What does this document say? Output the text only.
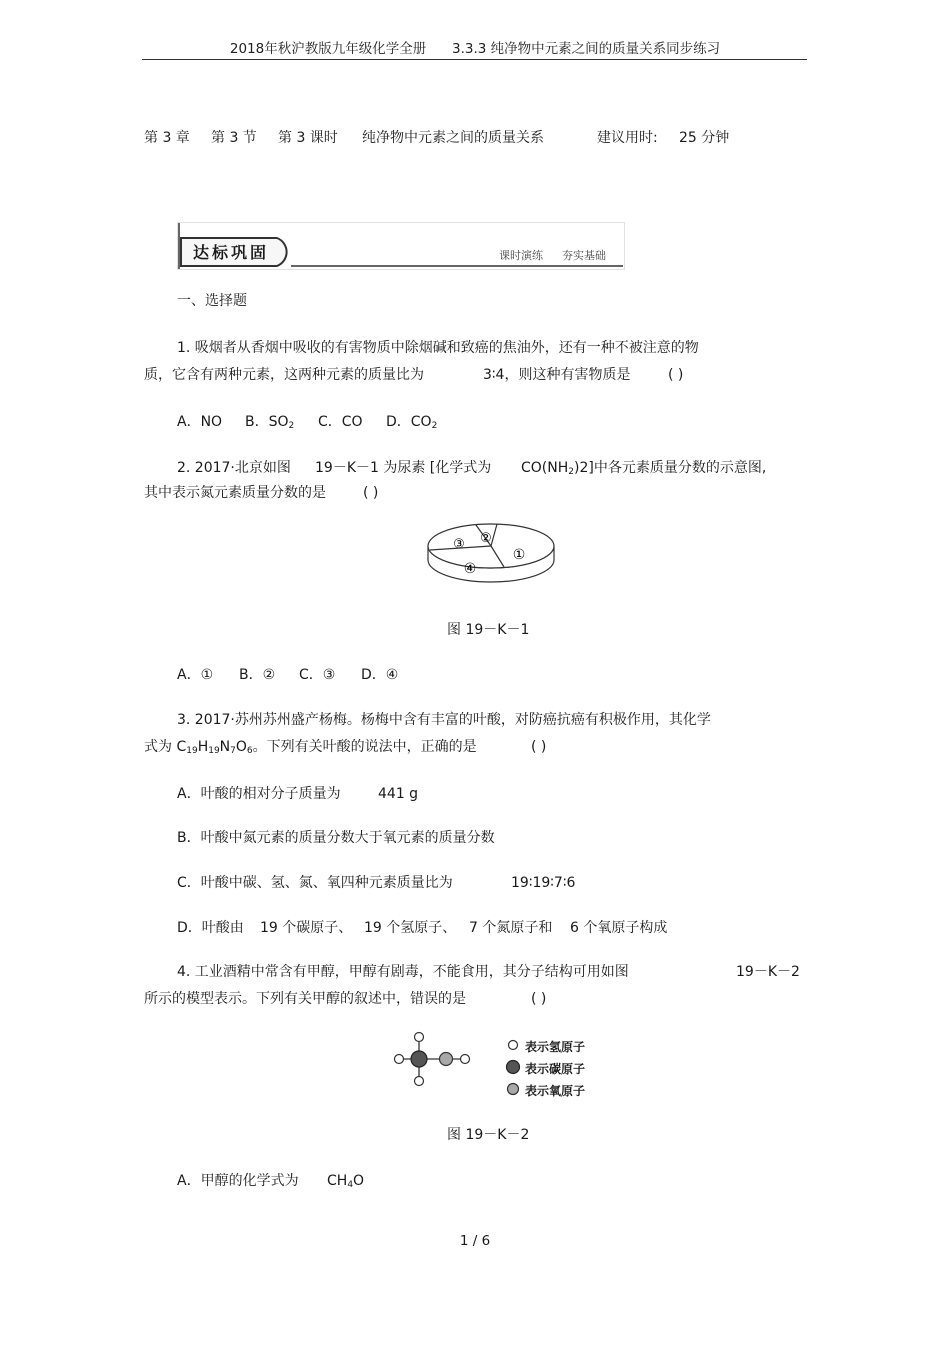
2018年秋沪教版九年级化学全册      3.3.3 纯净物中元素之间的质量关系同步练习
第 3 章 第 3 节 第 3 课时 纯净物中元素之间的质量关系	建议用时: 25 分钟
达标巩固	课时演练 夯实基础
一、选择题
1. 吸烟者从香烟中吸收的有害物质中除烟碱和致癌的焦油外，还有一种不被注意的物
质，它含有两种元素，这两种元素的质量比为	3∶4，则这种有害物质是	( )
A．NO B．$SO_2$ C．CO D．$CO_2$
2. 2017·北京如图 19－K－1 为尿素 [化学式为 $CO(NH_2)2$]中各元素质量分数的示意图,
其中表示氮元素质量分数的是	( )
①
②
③
④
图 19－K－1
A．① B．② C．③ D．④
3. 2017·苏州苏州盛产杨梅。杨梅中含有丰富的叶酸，对防癌抗癌有积极作用，其化学
式为 $C_{19}H_{19}N_7O_6$。下列有关叶酸的说法中，正确的是	( )
A．叶酸的相对分子质量为	441 g
B．叶酸中氮元素的质量分数大于氧元素的质量分数
C．叶酸中碳、氢、氮、氧四种元素质量比为	19∶19∶7∶6
D．叶酸由 19 个碳原子、 19 个氢原子、 7 个氮原子和 6 个氧原子构成
4. 工业酒精中常含有甲醇，甲醇有剧毒，不能食用，其分子结构可用如图	19－K－2
所示的模型表示。下列有关甲醇的叙述中，错误的是	( )
表示氢原子
表示碳原子
表示氧原子
图 19－K－2
A．甲醇的化学式为 $CH_4O$
1 / 6
